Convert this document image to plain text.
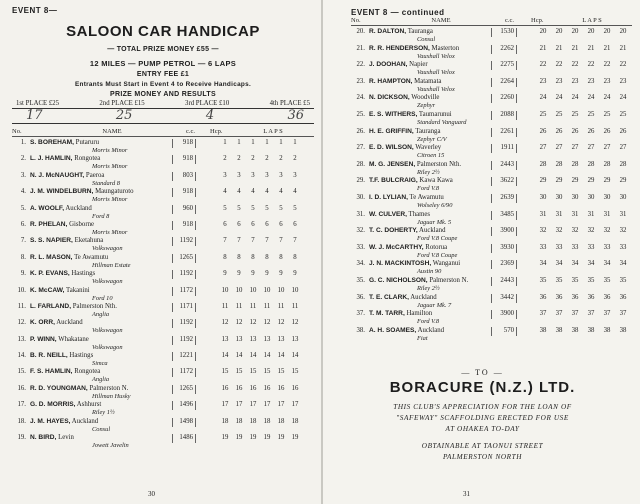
EVENT 8—
SALOON CAR HANDICAP
— TOTAL PRIZE MONEY £55 —
12 MILES — PUMP PETROL — 6 LAPS
ENTRY FEE £1
Entrants Must Start in Event 4 to Receive Handicaps.
PRIZE MONEY AND RESULTS
1st PLACE £25	2nd PLACE £15	3rd PLACE £10	4th PLACE £5
17	25	4	36
No.	NAME	c.c.	Hcp.	L A P S
1. S. BOREHAM, Putaruru
Morris Minor
918	1	1	1	1	1	1
2. L. J. HAMLIN, Rongotea
Morris Minor
918	2	2	2	2	2	2
3. N. J. McNAUGHT, Paeroa
Standard 8
803	3	3	3	3	3	3
4. J. M. WINDELBURN, Maungaturoto
Morris Minor
918	4	4	4	4	4	4
5. A. WOOLF, Auckland
Ford 8
960	5	5	5	5	5	5
6. R. PHELAN, Gisborne
Morris Minor
918	6	6	6	6	6	6
7. S. S. NAPIER, Eketahuna
Volkswagon
1192	7	7	7	7	7	7
8. R. L. MASON, Te Awamutu
Hillman Estate
1265	8	8	8	8	8	8
9. K. P. EVANS, Hastings
Volkswagon
1192	9	9	9	9	9	9
10. K. McCAW, Takanini
Ford 10
1172	10	10	10	10	10	10
11. L. FARLAND, Palmerston Nth.
Anglia
1171	11	11	11	11	11	11
12. K. ORR, Auckland
Volkswagon
1192	12	12	12	12	12	12
13. P. WINN, Whakatane
Volkswagon
1192	13	13	13	13	13	13
14. B. R. NEILL, Hastings
Simca
1221	14	14	14	14	14	14
15. F. S. HAMLIN, Rongotea
Anglia
1172	15	15	15	15	15	15
16. R. D. YOUNGMAN, Palmerston N.
Hillman Husky
1265	16	16	16	16	16	16
17. G. D. MORRIS, Ashhurst
Riley 1½
1496	17	17	17	17	17	17
18. J. M. HAYES, Auckland
Consul
1498	18	18	18	18	18	18
19. N. BIRD, Levin
Jowett Javelin
1486	19	19	19	19	19	19
30
EVENT 8 — continued
No.	NAME	c.c.	Hcp.	L A P S
20. R. DALTON, Tauranga
Consul
1530	20	20	20	20	20	20
21. R. R. HENDERSON, Masterton
Vauxhall Velox
2262	21	21	21	21	21	21
22. J. DOOHAN, Napier
Vauxhall Velox
2275	22	22	22	22	22	22
23. R. HAMPTON, Matamata
Vauxhall Velox
2264	23	23	23	23	23	23
24. N. DICKSON, Woodville
Zephyr
2260	24	24	24	24	24	24
25. E. S. WITHERS, Taumarunui
Standard Vanguard
2088	25	25	25	25	25	25
26. H. E. GRIFFIN, Tauranga
Zephyr C/V
2261	26	26	26	26	26	26
27. E. D. WILSON, Waverley
Citroen 15
1911	27	27	27	27	27	27
28. M. G. JENSEN, Palmerston Nth.
Riley 2½
2443	28	28	28	28	28	28
29. T.F. BULCRAIG, Kawa Kawa
Ford V.8
3622	29	29	29	29	29	29
30. I. D. LYLIAN, Te Awamutu
Wolseley 6/90
2639	30	30	30	30	30	30
31. W. CULVER, Thames
Jaguar Mk. 5
3485	31	31	31	31	31	31
32. T. C. DOHERTY, Auckland
Ford V.8 Coupe
3900	32	32	32	32	32	32
33. W. J. McCARTHY, Rotorua
Ford V.8 Coupe
3930	33	33	33	33	33	33
34. J. N. MACKINTOSH, Wanganui
Austin 90
2369	34	34	34	34	34	34
35. G. C. NICHOLSON, Palmerston N.
Riley 2½
2443	35	35	35	35	35	35
36. T. E. CLARK, Auckland
Jaguar Mk. 7
3442	36	36	36	36	36	36
37. T. M. TARR, Hamilton
Ford V.8
3900	37	37	37	37	37	37
38. A. H. SOAMES, Auckland
Fiat
570	38	38	38	38	38	38
— TO —
BORACURE (N.Z.) LTD.
THIS CLUB'S APPRECIATION FOR THE LOAN OF
"SAFEWAY" SCAFFOLDING ERECTED FOR USE
AT OHAKEA TO-DAY
OBTAINABLE AT TAONUI STREET
PALMERSTON NORTH
31
